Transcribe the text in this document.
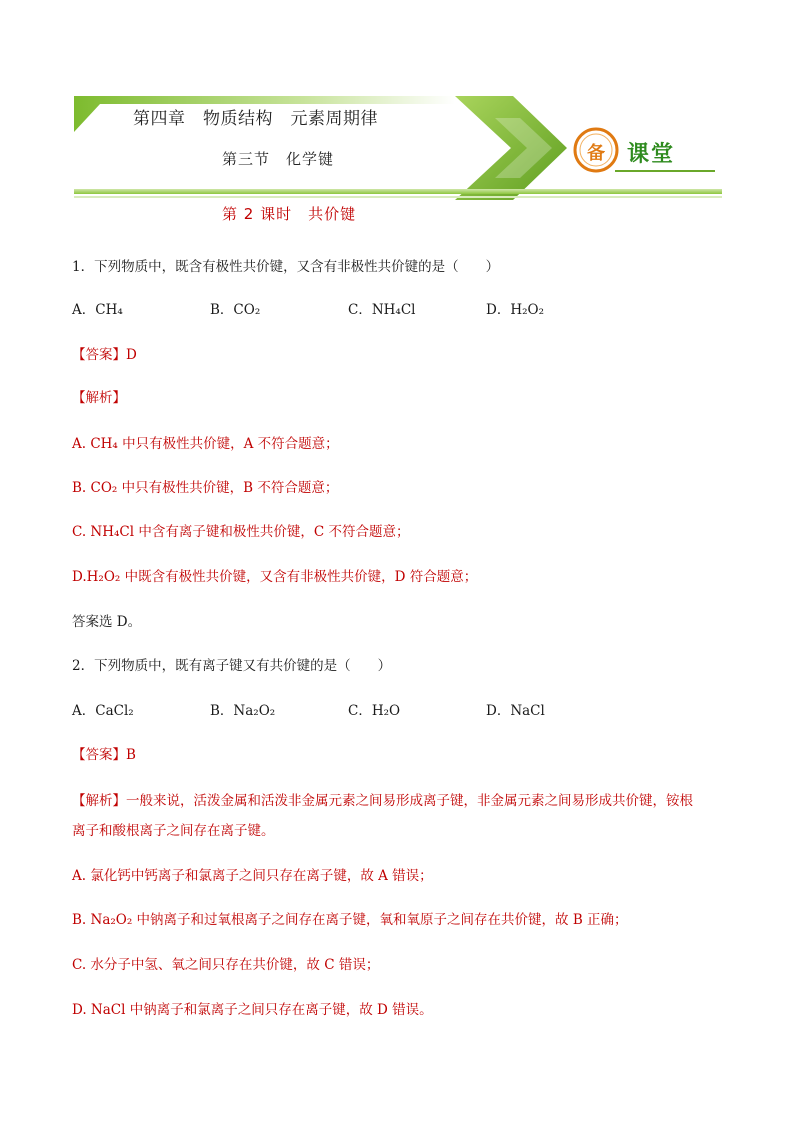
第四章　物质结构　元素周期律
第三节　化学键
第 2 课时　共价键
备 课堂
1．下列物质中，既含有极性共价键，又含有非极性共价键的是（　　）
A．CH₄	B．CO₂	C．NH₄Cl	D．H₂O₂
【答案】D
【解析】
A. CH₄ 中只有极性共价键，A 不符合题意；
B. CO₂ 中只有极性共价键，B 不符合题意；
C. NH₄Cl 中含有离子键和极性共价键，C 不符合题意；
D.H₂O₂ 中既含有极性共价键，又含有非极性共价键，D 符合题意；
答案选 D。
2．下列物质中，既有离子键又有共价键的是（　　）
A．CaCl₂	B．Na₂O₂	C．H₂O	D．NaCl
【答案】B
【解析】一般来说，活泼金属和活泼非金属元素之间易形成离子键，非金属元素之间易形成共价键，铵根
离子和酸根离子之间存在离子键。
A. 氯化钙中钙离子和氯离子之间只存在离子键，故 A 错误；
B. Na₂O₂ 中钠离子和过氧根离子之间存在离子键，氧和氧原子之间存在共价键，故 B 正确；
C. 水分子中氢、氧之间只存在共价键，故 C 错误；
D. NaCl 中钠离子和氯离子之间只存在离子键，故 D 错误。
